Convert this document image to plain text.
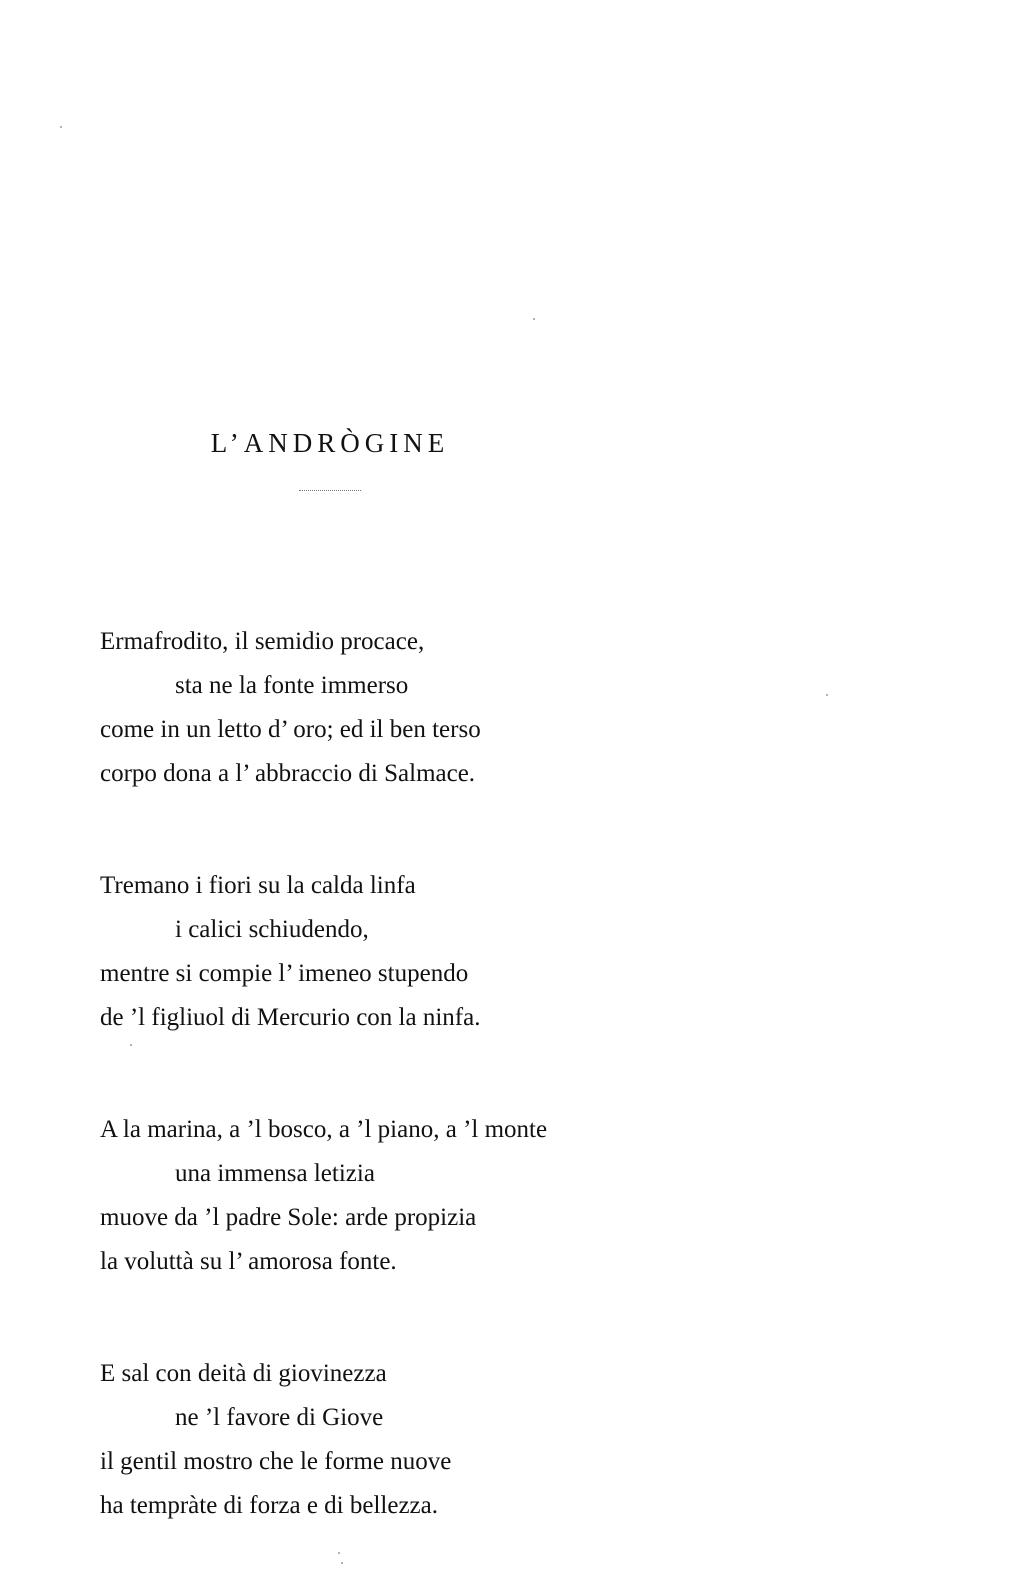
L’ANDRÒGINE
Ermafrodito, il semidio procace,
sta ne la fonte immerso
come in un letto d’ oro; ed il ben terso
corpo dona a l’ abbraccio di Salmace.
Tremano i fiori su la calda linfa
i calici schiudendo,
mentre si compie l’ imeneo stupendo
de ’l figliuol di Mercurio con la ninfa.
A la marina, a ’l bosco, a ’l piano, a ’l monte
una immensa letizia
muove da ’l padre Sole: arde propizia
la voluttà su l’ amorosa fonte.
E sal con deità di giovinezza
ne ’l favore di Giove
il gentil mostro che le forme nuove
ha tempràte di forza e di bellezza.
